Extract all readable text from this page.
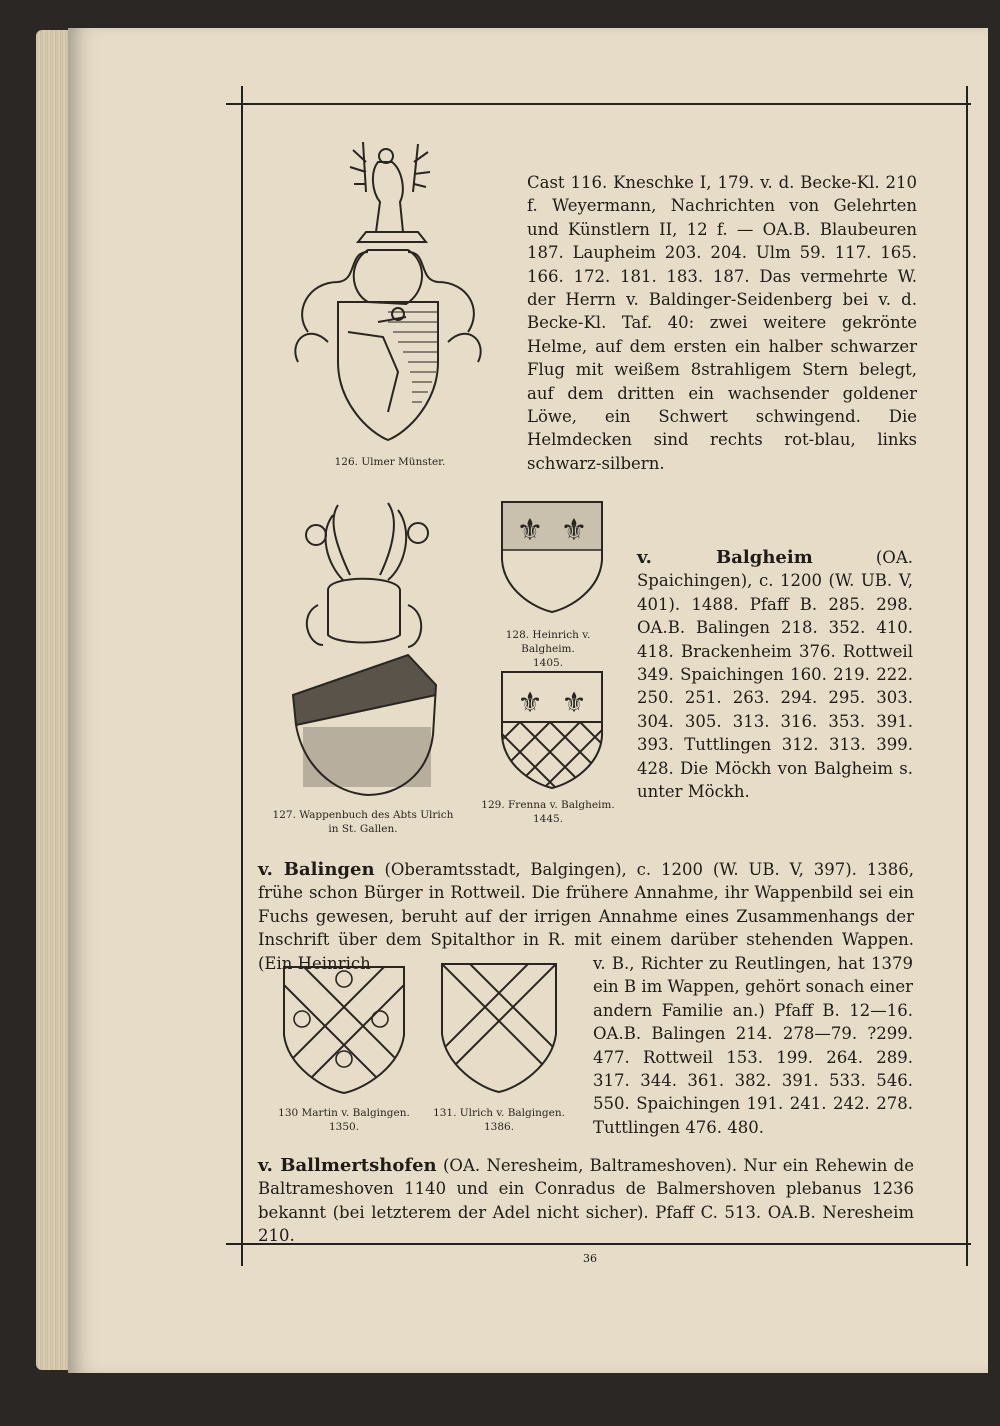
126. Ulmer Münster.

Cast 116. Kneschke I, 179. v. d. Becke-Kl. 210 f. Weyermann, Nachrichten von Gelehrten und Künstlern II, 12 f. — OA.B. Blaubeuren 187. Laupheim 203. 204. Ulm 59. 117. 165. 166. 172. 181. 183. 187. Das vermehrte W. der Herrn v. Baldinger-Seidenberg bei v. d. Becke-Kl. Taf. 40: zwei weitere gekrönte Helme, auf dem ersten ein halber schwarzer Flug mit weißem 8strahligem Stern belegt, auf dem dritten ein wachsender goldener Löwe, ein Schwert schwingend. Die Helmdecken sind rechts rot-blau, links schwarz-silbern.

127. Wappenbuch des Abts Ulrich in St. Gallen.

⚜ ⚜

128. Heinrich v. Balgheim.
1405.

⚜ ⚜

129. Frenna v. Balgheim.
1445.

v. Balgheim	(OA. Spaichingen), c. 1200 (W. UB. V, 401). 1488. Pfaff B. 285. 298. OA.B. Balingen 218. 352. 410. 418. Brackenheim 376. Rottweil 349. Spaichingen 160. 219. 222. 250. 251. 263. 294. 295. 303. 304. 305. 313. 316. 353. 391. 393. Tuttlingen 312. 313. 399. 428. Die Möckh von Balgheim s. unter Möckh.

v. Balingen (Oberamtsstadt, Balgingen), c. 1200 (W. UB. V, 397). 1386, frühe schon Bürger in Rottweil. Die frühere Annahme, ihr Wappenbild sei ein Fuchs gewesen, beruht auf der irrigen Annahme eines Zusammenhangs der Inschrift über dem Spitalthor in R. mit einem darüber stehenden Wappen. (Ein Heinrich	v. B., Richter zu Reutlingen, hat 1379 ein B im Wappen, gehört sonach einer andern Familie an.) Pfaff B. 12—16. OA.B. Balingen 214. 278—79. ?299. 477. Rottweil 153. 199. 264. 289. 317. 344. 361. 382. 391. 533. 546. 550. Spaichingen 191. 241. 242. 278. Tuttlingen 476. 480.

130 Martin v. Balgingen.
1350.

131. Ulrich v. Balgingen.
1386.

v. Ballmertshofen (OA. Neresheim, Baltrameshoven). Nur ein Rehewin de Baltrameshoven 1140 und ein Conradus de Balmershoven plebanus 1236 bekannt (bei letzterem der Adel nicht sicher). Pfaff C. 513. OA.B. Neresheim 210.

36
